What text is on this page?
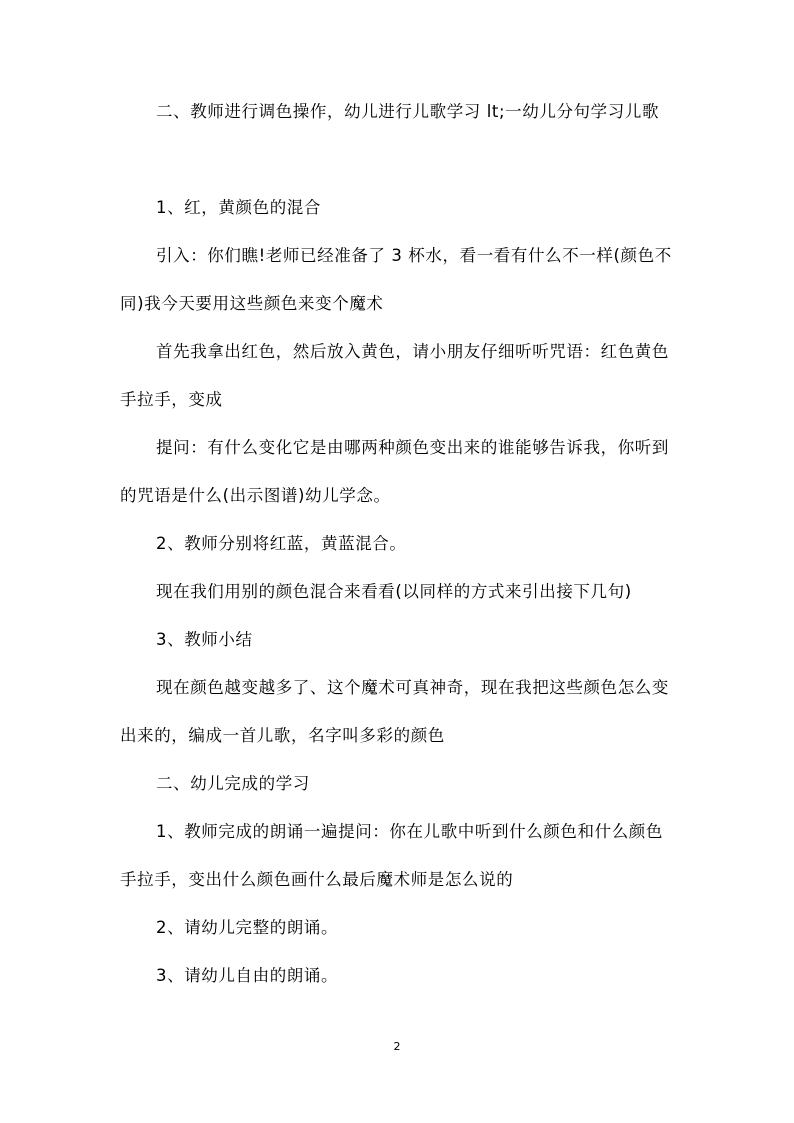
二、教师进行调色操作，幼儿进行儿歌学习 lt;一幼儿分句学习儿歌

1、红，黄颜色的混合

引入：你们瞧!老师已经准备了 3 杯水，看一看有什么不一样(颜色不同)我今天要用这些颜色来变个魔术

首先我拿出红色，然后放入黄色，请小朋友仔细听听咒语：红色黄色手拉手，变成

提问：有什么变化它是由哪两种颜色变出来的谁能够告诉我，你听到的咒语是什么(出示图谱)幼儿学念。

2、教师分别将红蓝，黄蓝混合。

现在我们用别的颜色混合来看看(以同样的方式来引出接下几句)

3、教师小结

现在颜色越变越多了、这个魔术可真神奇，现在我把这些颜色怎么变出来的，编成一首儿歌，名字叫多彩的颜色

二、幼儿完成的学习

1、教师完成的朗诵一遍提问：你在儿歌中听到什么颜色和什么颜色手拉手，变出什么颜色画什么最后魔术师是怎么说的

2、请幼儿完整的朗诵。

3、请幼儿自由的朗诵。

2
